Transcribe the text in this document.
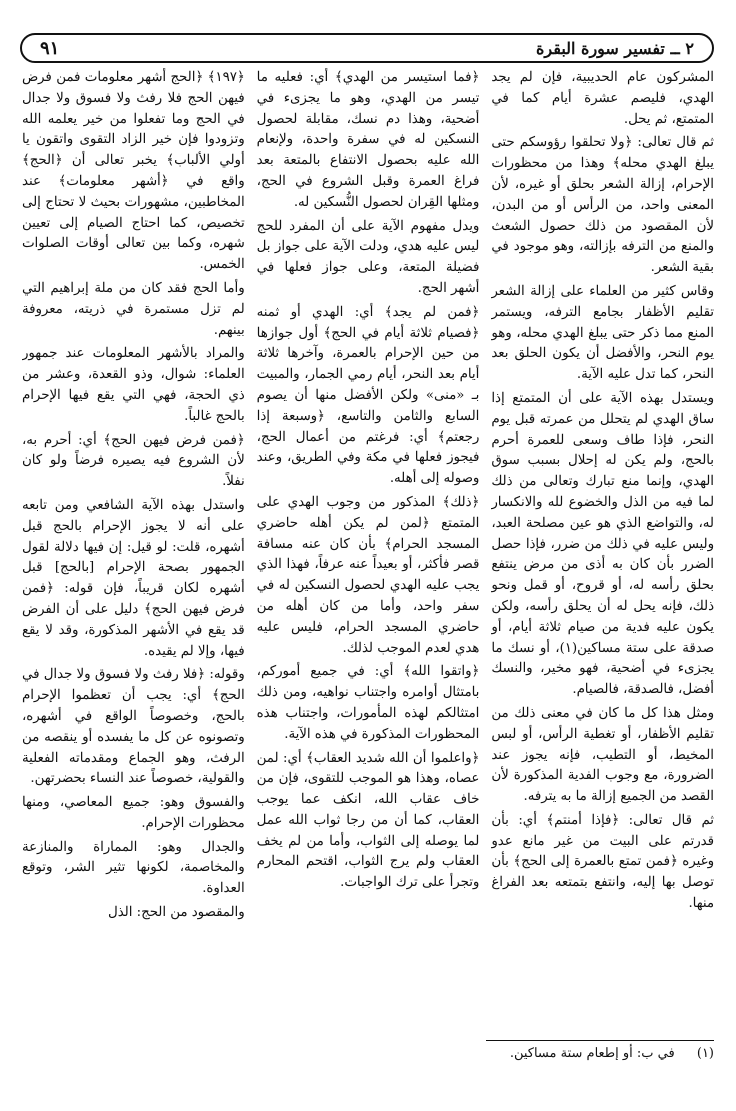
٢ ــ تفسير سورة البقرة
٩١

المشركون عام الحديبية، فإن لم يجد الهدي، فليصم عشرة أيام كما في المتمتع، ثم يحل.

ثم قال تعالى: ﴿ولا تحلقوا رؤوسكم حتى يبلغ الهدي محله﴾ وهذا من محظورات الإحرام، إزالة الشعر بحلق أو غيره، لأن المعنى واحد، من الرأس أو من البدن، لأن المقصود من ذلك حصول الشعث والمنع من الترفه بإزالته، وهو موجود في بقية الشعر.

وقاس كثير من العلماء على إزالة الشعر تقليم الأظفار بجامع الترفه، ويستمر المنع مما ذكر حتى يبلغ الهدي محله، وهو يوم النحر، والأفضل أن يكون الحلق بعد النحر، كما تدل عليه الآية.

ويستدل بهذه الآية على أن المتمتع إذا ساق الهدي لم يتحلل من عمرته قبل يوم النحر، فإذا طاف وسعى للعمرة أحرم بالحج، ولم يكن له إحلال بسبب سوق الهدي، وإنما منع تبارك وتعالى من ذلك لما فيه من الذل والخضوع لله والانكسار له، والتواضع الذي هو عين مصلحة العبد، وليس عليه في ذلك من ضرر، فإذا حصل الضرر بأن كان به أذى من مرض ينتفع بحلق رأسه له، أو قروح، أو قمل ونحو ذلك، فإنه يحل له أن يحلق رأسه، ولكن يكون عليه فدية من صيام ثلاثة أيام، أو صدقة على ستة مساكين(١)، أو نسك ما يجزىء في أضحية، فهو مخير، والنسك أفضل، فالصدقة، فالصيام.

ومثل هذا كل ما كان في معنى ذلك من تقليم الأظفار، أو تغطية الرأس، أو لبس المخيط، أو التطيب، فإنه يجوز عند الضرورة، مع وجوب الفدية المذكورة لأن القصد من الجميع إزالة ما به يترفه.

ثم قال تعالى: ﴿فإذا أمنتم﴾ أي: بأن قدرتم على البيت من غير مانع عدو وغيره ﴿فمن تمتع بالعمرة إلى الحج﴾ بأن توصل بها إليه، وانتفع بتمتعه بعد الفراغ منها.

﴿فما استيسر من الهدي﴾ أي: فعليه ما تيسر من الهدي، وهو ما يجزىء في أضحية، وهذا دم نسك، مقابلة لحصول النسكين له في سفرة واحدة، ولإنعام الله عليه بحصول الانتفاع بالمتعة بعد فراغ العمرة وقبل الشروع في الحج، ومثلها القِران لحصول النُّسكين له.

ويدل مفهوم الآية على أن المفرد للحج ليس عليه هدي، ودلت الآية على جواز بل فضيلة المتعة، وعلى جواز فعلها في أشهر الحج.

﴿فمن لم يجد﴾ أي: الهدي أو ثمنه ﴿فصيام ثلاثة أيام في الحج﴾ أول جوازها من حين الإحرام بالعمرة، وآخرها ثلاثة أيام بعد النحر، أيام رمي الجمار، والمبيت بـ «منى» ولكن الأفضل منها أن يصوم السابع والثامن والتاسع، ﴿وسبعة إذا رجعتم﴾ أي: فرغتم من أعمال الحج، فيجوز فعلها في مكة وفي الطريق، وعند وصوله إلى أهله.

﴿ذلك﴾ المذكور من وجوب الهدي على المتمتع ﴿لمن لم يكن أهله حاضري المسجد الحرام﴾ بأن كان عنه مسافة قصر فأكثر، أو بعيداً عنه عرفاً، فهذا الذي يجب عليه الهدي لحصول النسكين له في سفر واحد، وأما من كان أهله من حاضري المسجد الحرام، فليس عليه هدي لعدم الموجب لذلك.

﴿واتقوا الله﴾ أي: في جميع أموركم، بامتثال أوامره واجتناب نواهيه، ومن ذلك امتثالكم لهذه المأمورات، واجتناب هذه المحظورات المذكورة في هذه الآية.

﴿واعلموا أن الله شديد العقاب﴾ أي: لمن عصاه، وهذا هو الموجب للتقوى، فإن من خاف عقاب الله، انكف عما يوجب العقاب، كما أن من رجا ثواب الله عمل لما يوصله إلى الثواب، وأما من لم يخف العقاب ولم يرج الثواب، اقتحم المحارم وتجرأ على ترك الواجبات.

﴿١٩٧﴾ ﴿الحج أشهر معلومات فمن فرض فيهن الحج فلا رفث ولا فسوق ولا جدال في الحج وما تفعلوا من خير يعلمه الله وتزودوا فإن خير الزاد التقوى واتقون يا أولي الألباب﴾ يخبر تعالى أن ﴿الحج﴾ واقع في ﴿أشهر معلومات﴾ عند المخاطبين، مشهورات بحيث لا تحتاج إلى تخصيص، كما احتاج الصيام إلى تعيين شهره، وكما بين تعالى أوقات الصلوات الخمس.

وأما الحج فقد كان من ملة إبراهيم التي لم تزل مستمرة في ذريته، معروفة بينهم.

والمراد بالأشهر المعلومات عند جمهور العلماء: شوال، وذو القعدة، وعشر من ذي الحجة، فهي التي يقع فيها الإحرام بالحج غالباً.

﴿فمن فرض فيهن الحج﴾ أي: أحرم به، لأن الشروع فيه يصيره فرضاً ولو كان نفلاً.

واستدل بهذه الآية الشافعي ومن تابعه على أنه لا يجوز الإحرام بالحج قبل أشهره، قلت: لو قيل: إن فيها دلالة لقول الجمهور بصحة الإحرام [بالحج] قبل أشهره لكان قريباً، فإن قوله: ﴿فمن فرض فيهن الحج﴾ دليل على أن الفرض قد يقع في الأشهر المذكورة، وقد لا يقع فيها، وإلا لم يقيده.

وقوله: ﴿فلا رفث ولا فسوق ولا جدال في الحج﴾ أي: يجب أن تعظموا الإحرام بالحج، وخصوصاً الواقع في أشهره، وتصونوه عن كل ما يفسده أو ينقصه من الرفث، وهو الجماع ومقدماته الفعلية والقولية، خصوصاً عند النساء بحضرتهن.

والفسوق وهو: جميع المعاصي، ومنها محظورات الإحرام.

والجدال وهو: المماراة والمنازعة والمخاصمة، لكونها تثير الشر، وتوقع العداوة.

والمقصود من الحج: الذل

(١) في ب: أو إطعام ستة مساكين.
